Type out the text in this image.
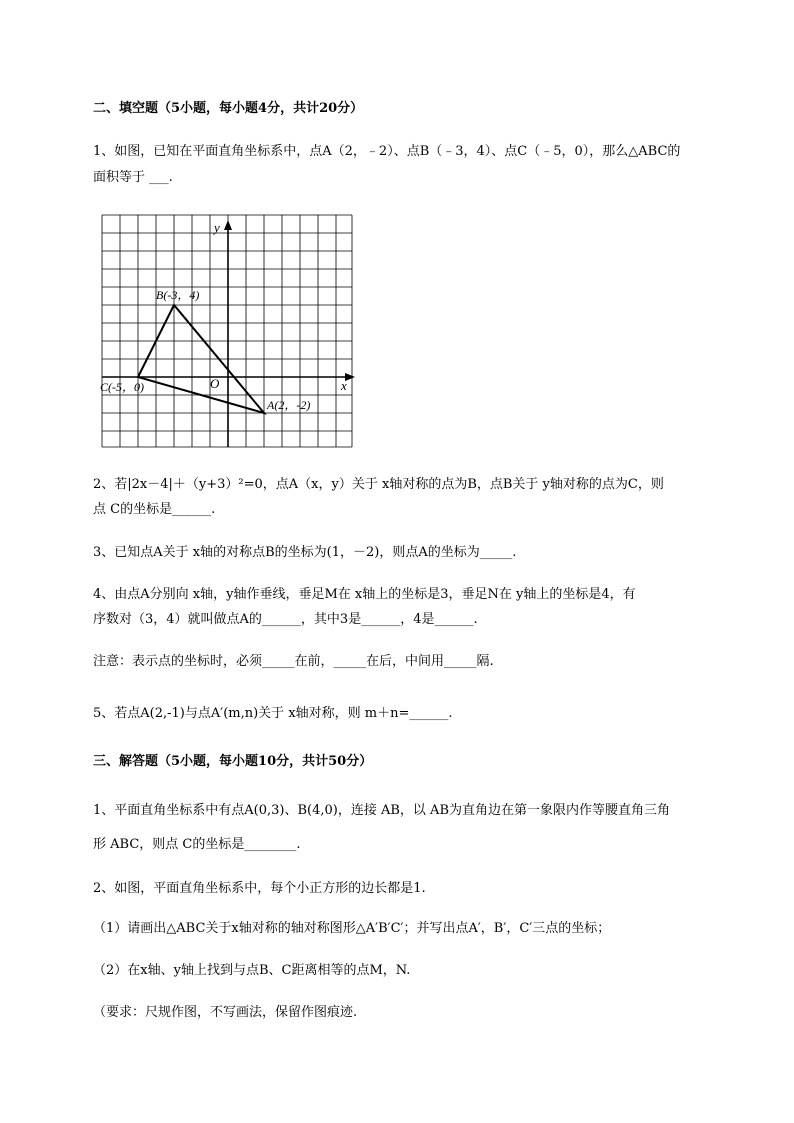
二、填空题（5小题，每小题4分，共计20分）
1、如图，已知在平面直角坐标系中，点A（2，﹣2）、点B（﹣3，4）、点C（﹣5，0），那么△ABC的
面积等于 ___.
y
x
O
B(-3，4)
C(-5，0)
A(2，-2)
2、若|2x－4|＋（y+3）²=0，点A（x，y）关于 x轴对称的点为B，点B关于 y轴对称的点为C，则
点 C的坐标是______.
3、已知点A关于 x轴的对称点B的坐标为(1，－2)，则点A的坐标为_____.
4、由点A分别向 x轴，y轴作垂线，垂足M在 x轴上的坐标是3，垂足N在 y轴上的坐标是4，有
序数对（3，4）就叫做点A的______，其中3是______，4是______.
注意：表示点的坐标时，必须_____在前，_____在后，中间用_____隔.
5、若点A(2,-1)与点A′(m,n)关于 x轴对称，则 m＋n=______.
三、解答题（5小题，每小题10分，共计50分）
1、平面直角坐标系中有点A(0,3)、B(4,0)，连接 AB，以 AB为直角边在第一象限内作等腰直角三角
形 ABC，则点 C的坐标是________.
2、如图，平面直角坐标系中，每个小正方形的边长都是1.
（1）请画出△ABC关于x轴对称的轴对称图形△A′B′C′；并写出点A′，B′，C′三点的坐标；
（2）在x轴、y轴上找到与点B、C距离相等的点M，N.
（要求：尺规作图，不写画法，保留作图痕迹.
